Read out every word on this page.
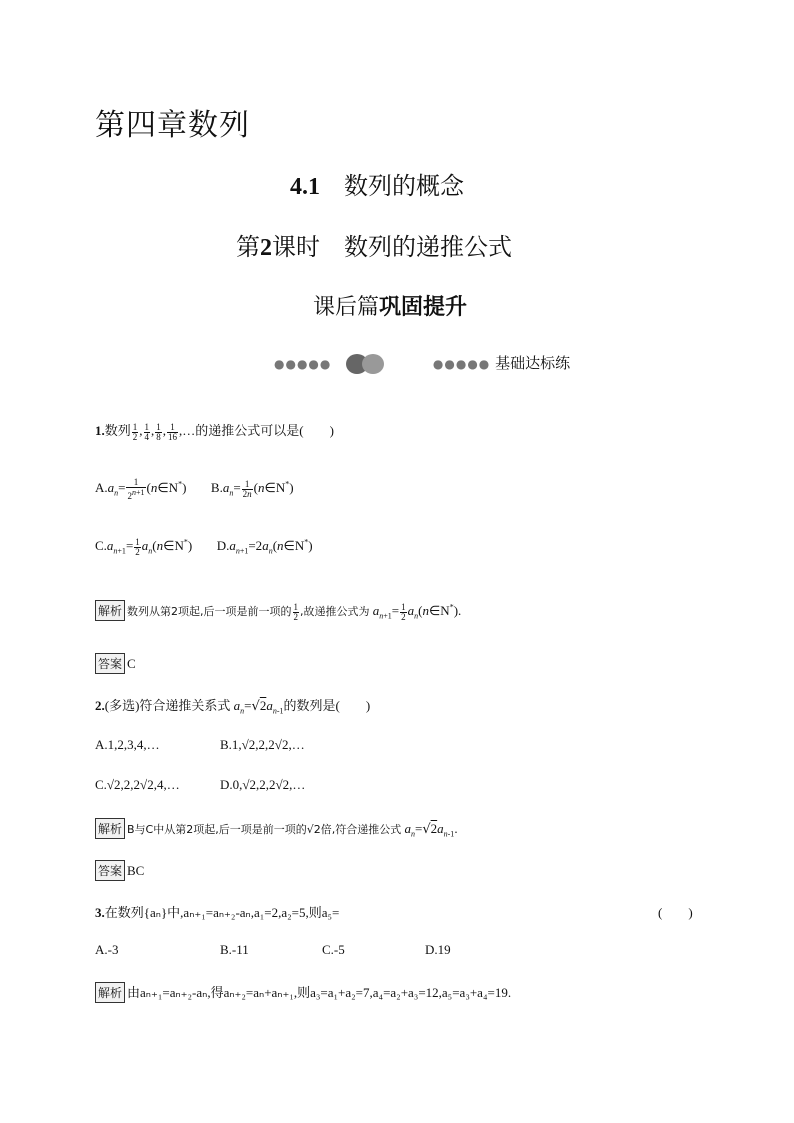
第四章数列
4.1 数列的概念
第2课时 数列的递推公式
课后篇巩固提升
●●●●●	●●●●● 基础达标练
1.数列 $\frac{1}{2}$ , $\frac{1}{4}$ , $\frac{1}{8}$ , $\frac{1}{16}$ ,…的递推公式可以是(　　)
$A.a_n= \frac{1}{2^{n+1}}$ (n∈N*) $B.a_n= \frac{1}{2n}$ (n∈N*)
$C.a_{n+1}= \frac{1}{2}$ $a_n(n\in N^*)$ $D.a_{n+1}=2a_n(n\in N^*)$
解析 数列从第2项起,后一项是前一项的 $\frac{1}{2}$ ,故递推公式为 $a_{n+1}= \frac{1}{2}$ $a_n(n\in N^*)$.
答案 C
2.(多选)符合递推关系式 $a_n=√2a_{n-1}$的数列是(　　)
A.1,2,3,4,…	B.1,√2,2,2√2,…
C.√2,2,2√2,4,…	D.0,√2,2,2√2,…
解析 B与C中从第2项起,后一项是前一项的√2倍,符合递推公式 $a_n=√2a_{n-1}$.
答案 BC
3.在数列{aₙ}中,aₙ₊₁=aₙ₊₂-aₙ,a₁=2,a₂=5,则a₅=	(　　)
A.-3	B.-11	C.-5	D.19
解析 由aₙ₊₁=aₙ₊₂-aₙ,得aₙ₊₂=aₙ+aₙ₊₁,则a₃=a₁+a₂=7,a₄=a₂+a₃=12,a₅=a₃+a₄=19.
